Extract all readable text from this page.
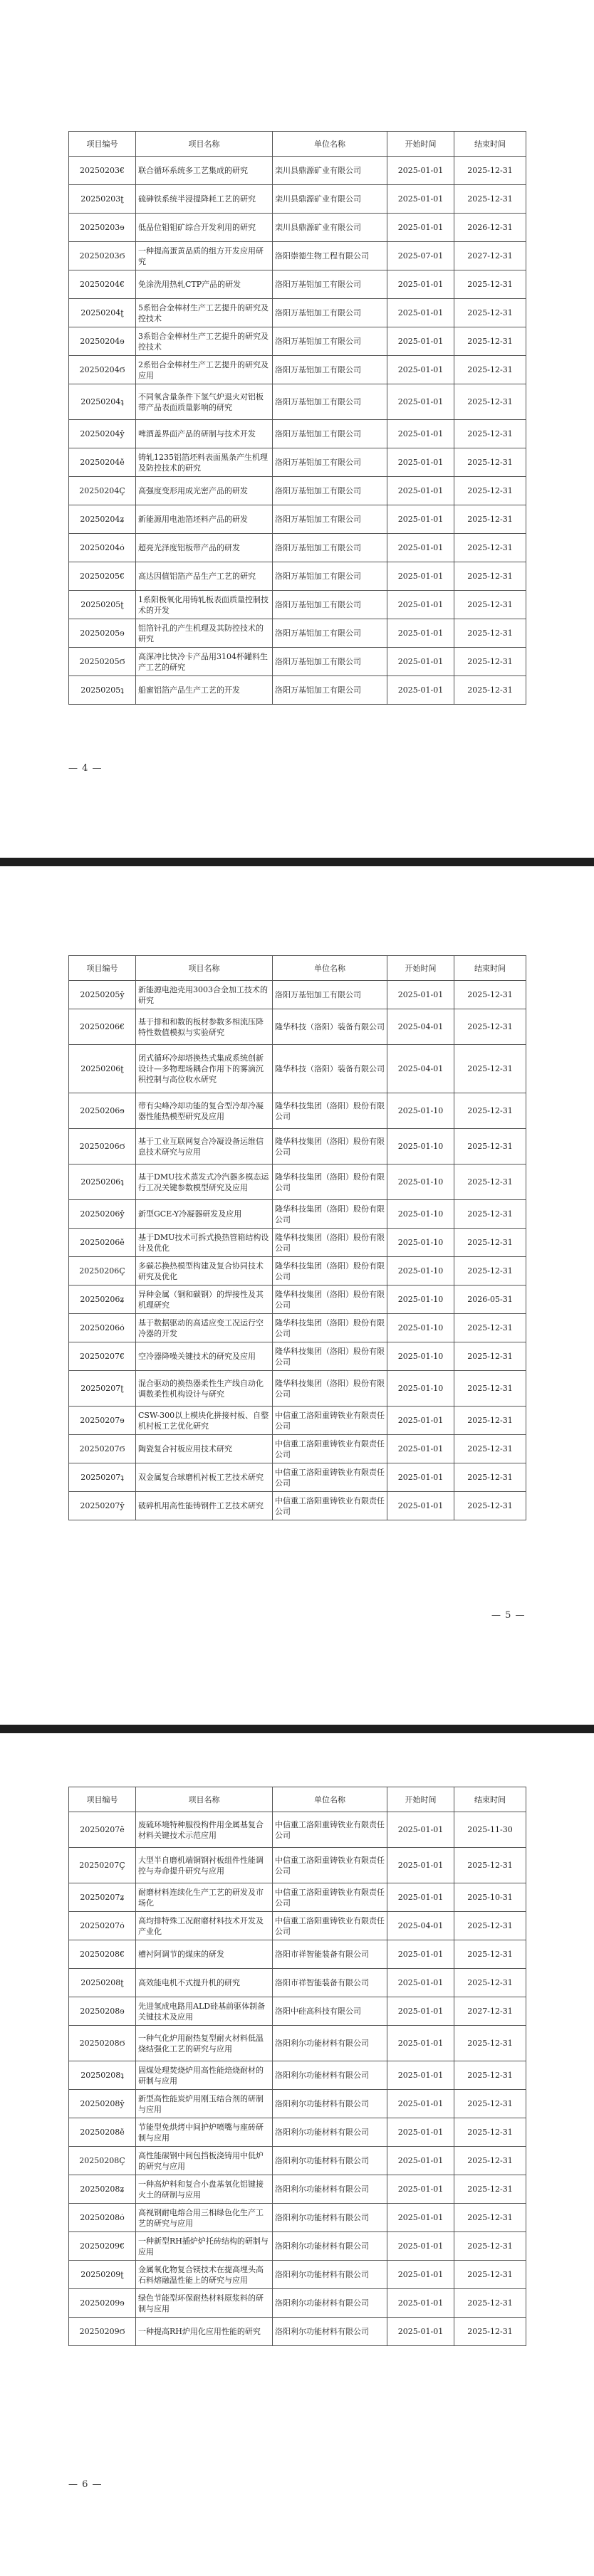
项目编号	项目名称	单位名称	开始时间	结束时间
20250203€	联合循环系统多工艺集成的研究	栾川县鼎源矿业有限公司	2025-01-01	2025-12-31
20250203ʈ	硫砷铁系统半浸提降耗工艺的研究	栾川县鼎源矿业有限公司	2025-01-01	2025-12-31
20250203ɘ	低品位钼钼矿综合开发利用的研究	栾川县鼎源矿业有限公司	2025-01-01	2026-12-31
20250203Ϭ	一种提高蛋黄品质的组方开发应用研究	洛阳崇德生物工程有限公司	2025-07-01	2027-12-31
20250204€	免涂洗用热轧CTP产品的研发	洛阳万基铝加工有限公司	2025-01-01	2025-12-31
20250204ʈ	5系铝合金棒材生产工艺提升的研究及控技术	洛阳万基铝加工有限公司	2025-01-01	2025-12-31
20250204ɘ	3系铝合金棒材生产工艺提升的研究及控技术	洛阳万基铝加工有限公司	2025-01-01	2025-12-31
20250204Ϭ	2系铝合金棒材生产工艺提升的研究及应用	洛阳万基铝加工有限公司	2025-01-01	2025-12-31
20250204ʇ	不同氧含量条件下氢气炉退火对铝板带产品表面质量影响的研究	洛阳万基铝加工有限公司	2025-01-01	2025-12-31
20250204ŷ	啤酒盖界面产品的研制与技术开发	洛阳万基铝加工有限公司	2025-01-01	2025-12-31
20250204ӗ	铸轧1235铝箔坯料表面黑条产生机理及防控技术的研究	洛阳万基铝加工有限公司	2025-01-01	2025-12-31
20250204Ҫ	高强度变形用成光密产品的研发	洛阳万基铝加工有限公司	2025-01-01	2025-12-31
20250204ʑ	新能源用电池箔坯料产品的研发	洛阳万基铝加工有限公司	2025-01-01	2025-12-31
20250204ȯ	超亮光泽度铝板带产品的研发	洛阳万基铝加工有限公司	2025-01-01	2025-12-31
20250205€	高达因值铝箔产品生产工艺的研究	洛阳万基铝加工有限公司	2025-01-01	2025-12-31
20250205ʈ	1系阳极氧化用铸轧板表面质量控制技术的开发	洛阳万基铝加工有限公司	2025-01-01	2025-12-31
20250205ɘ	铝箔针孔的产生机理及其防控技术的研究	洛阳万基铝加工有限公司	2025-01-01	2025-12-31
20250205Ϭ	高深冲比快冷卡产品用3104杯罐料生产工艺的研究	洛阳万基铝加工有限公司	2025-01-01	2025-12-31
20250205ʇ	船蜜铝箔产品生产工艺的开发	洛阳万基铝加工有限公司	2025-01-01	2025-12-31
— 4 —
项目编号	项目名称	单位名称	开始时间	结束时间
20250205ŷ	新能源电池壳用3003合金加工技术的研究	洛阳万基铝加工有限公司	2025-01-01	2025-12-31
20250206€	基于排和和数的板材参数多相流压降特性数值模拟与实验研究	隆华科技（洛阳）装备有限公司	2025-04-01	2025-12-31
20250206ʈ	闭式循环冷却塔换热式集成系统创新设计—多物理场耦合作用下的雾滴沉积控制与高位收水研究	隆华科技（洛阳）装备有限公司	2025-04-01	2025-12-31
20250206ɘ	带有尖峰冷却功能的复合型冷却冷凝器性能热模型研究及应用	隆华科技集团（洛阳）股份有限公司	2025-01-10	2025-12-31
20250206Ϭ	基于工业互联网复合冷凝设备运维信息技术研究与应用	隆华科技集团（洛阳）股份有限公司	2025-01-10	2025-12-31
20250206ʇ	基于DMU技术蒸发式冷汽器多模态运行工况关键参数模型研究及应用	隆华科技集团（洛阳）股份有限公司	2025-01-10	2025-12-31
20250206ŷ	新型GCE-Y冷凝器研发及应用	隆华科技集团（洛阳）股份有限公司	2025-01-10	2025-12-31
20250206ӗ	基于DMU技术可拆式换热管箱结构设计及优化	隆华科技集团（洛阳）股份有限公司	2025-01-10	2025-12-31
20250206Ҫ	多碳芯换热模型构建及复合协同技术研究及优化	隆华科技集团（洛阳）股份有限公司	2025-01-10	2025-12-31
20250206ʑ	异种金属（铜和碳钢）的焊接性及其机理研究	隆华科技集团（洛阳）股份有限公司	2025-01-10	2026-05-31
20250206ȯ	基于数据驱动的高适应变工况运行空冷器的开发	隆华科技集团（洛阳）股份有限公司	2025-01-10	2025-12-31
20250207€	空冷器降噪关键技术的研究及应用	隆华科技集团（洛阳）股份有限公司	2025-01-10	2025-12-31
20250207ʈ	混合驱动的换热器柔性生产线自动化调数柔性机构设计与研究	隆华科技集团（洛阳）股份有限公司	2025-01-10	2025-12-31
20250207ɘ	CSW-300以上模块化拼接村板、自整机村板工艺优化研究	中信重工洛阳重铸铁业有限责任公司	2025-01-01	2025-12-31
20250207Ϭ	陶瓷复合衬板应用技术研究	中信重工洛阳重铸铁业有限责任公司	2025-01-01	2025-12-31
20250207ʇ	双金属复合球磨机衬板工艺技术研究	中信重工洛阳重铸铁业有限责任公司	2025-01-01	2025-12-31
20250207ŷ	破碎机用高性能铸钢件工艺技术研究	中信重工洛阳重铸铁业有限责任公司	2025-01-01	2025-12-31
— 5 —
项目编号	项目名称	单位名称	开始时间	结束时间
20250207ӗ	废硫环境特种服役构件用金属基复合材料关键技术示范应用	中信重工洛阳重铸铁业有限责任公司	2025-01-01	2025-11-30
20250207Ҫ	大型半自磨机端铜钢衬板组件性能调控与寿命提升研究与应用	中信重工洛阳重铸铁业有限责任公司	2025-01-01	2025-12-31
20250207ʑ	耐磨材料连续化生产工艺的研发及市场化	中信重工洛阳重铸铁业有限责任公司	2025-01-01	2025-10-31
20250207ȯ	高均排特殊工况耐磨材料技术开发及产业化	中信重工洛阳重铸铁业有限责任公司	2025-04-01	2025-12-31
20250208€	槽衬阿调节的煤床的研发	洛阳市祥智能装备有限公司	2025-01-01	2025-12-31
20250208ʈ	高效能电机不式提升机的研究	洛阳市祥智能装备有限公司	2025-01-01	2025-12-31
20250208ɘ	先进氢成电路用ALD硅基前驱体制备关键技术及应用	洛阳中硅高科技有限公司	2025-01-01	2027-12-31
20250208Ϭ	一种气化炉用耐热复型耐火材料低温烧结强化工艺的研究与应用	洛阳利尔功能材料有限公司	2025-01-01	2025-12-31
20250208ʇ	固煤处理焚烧炉用高性能焙烧耐材的研制与应用	洛阳利尔功能材料有限公司	2025-01-01	2025-12-31
20250208ŷ	新型高性能炭炉用刚玉结合剂的研制与应用	洛阳利尔功能材料有限公司	2025-01-01	2025-12-31
20250208ӗ	节能型免烘烤中间护炉喷嘴与座砖研制与应用	洛阳利尔功能材料有限公司	2025-01-01	2025-12-31
20250208Ҫ	高性能碳钢中间包挡板浇铸用中低炉的研究与应用	洛阳利尔功能材料有限公司	2025-01-01	2025-12-31
20250208ʑ	一种高炉料和复合小盘基氧化铝键接火土的研制与应用	洛阳利尔功能材料有限公司	2025-01-01	2025-12-31
20250208ȯ	高视钢耐电熔合用三相绿色化生产工艺的研究与应用	洛阳利尔功能材料有限公司	2025-01-01	2025-12-31
20250209€	一种新型RH插炉炉托砖结构的研制与应用	洛阳利尔功能材料有限公司	2025-01-01	2025-12-31
20250209ʈ	金属氧化物复合镁技术在提高埋头高石料熔融温性能上的研究与应用	洛阳利尔功能材料有限公司	2025-01-01	2025-12-31
20250209ɘ	绿色节能型环保耐热材料原浆料的研制与应用	洛阳利尔功能材料有限公司	2025-01-01	2025-12-31
20250209Ϭ	一种提高RH炉用化应用性能的研究	洛阳利尔功能材料有限公司	2025-01-01	2025-12-31
— 6 —
